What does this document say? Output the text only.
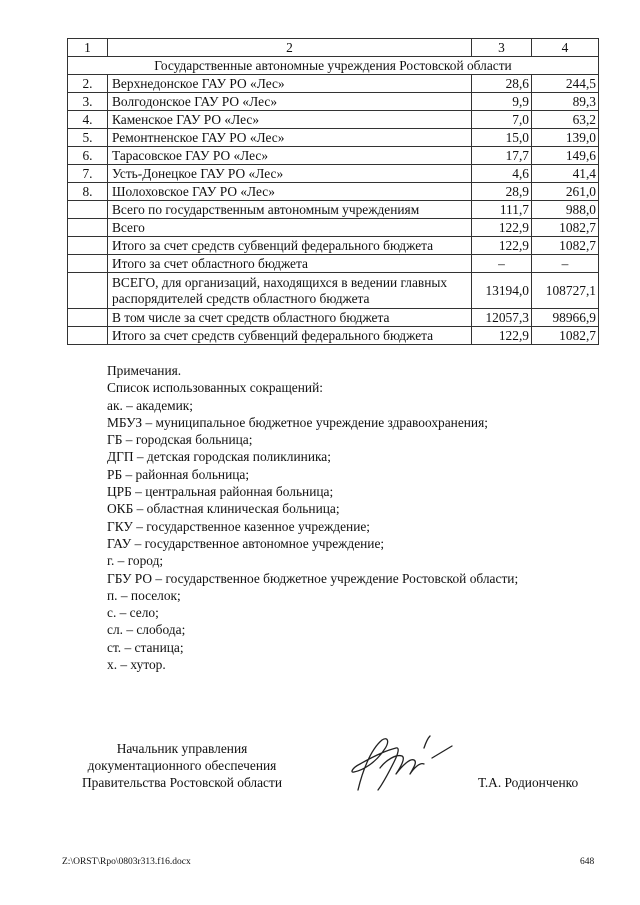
1	2	3	4
Государственные автономные учреждения Ростовской области			
2.	Верхнедонское ГАУ РО «Лес»	28,6	244,5
3.	Волгодонское ГАУ РО «Лес»	9,9	89,3
4.	Каменское ГАУ РО «Лес»	7,0	63,2
5.	Ремонтненское ГАУ РО «Лес»	15,0	139,0
6.	Тарасовское ГАУ РО «Лес»	17,7	149,6
7.	Усть-Донецкое ГАУ РО «Лес»	4,6	41,4
8.	Шолоховское ГАУ РО «Лес»	28,9	261,0
	Всего по государственным автономным учреждениям	111,7	988,0
	Всего	122,9	1082,7
	Итого за счет средств субвенций федерального бюджета	122,9	1082,7
	Итого за счет областного бюджета	–	–
	ВСЕГО, для организаций, находящихся в ведении главных распорядителей средств областного бюджета	13194,0	108727,1
	В том числе за счет средств областного бюджета	12057,3	98966,9
	Итого за счет средств субвенций федерального бюджета	122,9	1082,7
Примечания.
Список использованных сокращений:
ак. – академик;
МБУЗ – муниципальное бюджетное учреждение здравоохранения;
ГБ – городская больница;
ДГП – детская городская поликлиника;
РБ – районная больница;
ЦРБ – центральная районная больница;
ОКБ – областная клиническая больница;
ГКУ – государственное казенное учреждение;
ГАУ – государственное автономное учреждение;
г. – город;
ГБУ РО – государственное бюджетное учреждение Ростовской области;
п. – поселок;
с. – село;
сл. – слобода;
ст. – станица;
х. – хутор.
Начальник управления
документационного обеспечения
Правительства Ростовской области	Т.А. Родионченко
Z:\ORST\Rpo\0803r313.f16.docx	648
